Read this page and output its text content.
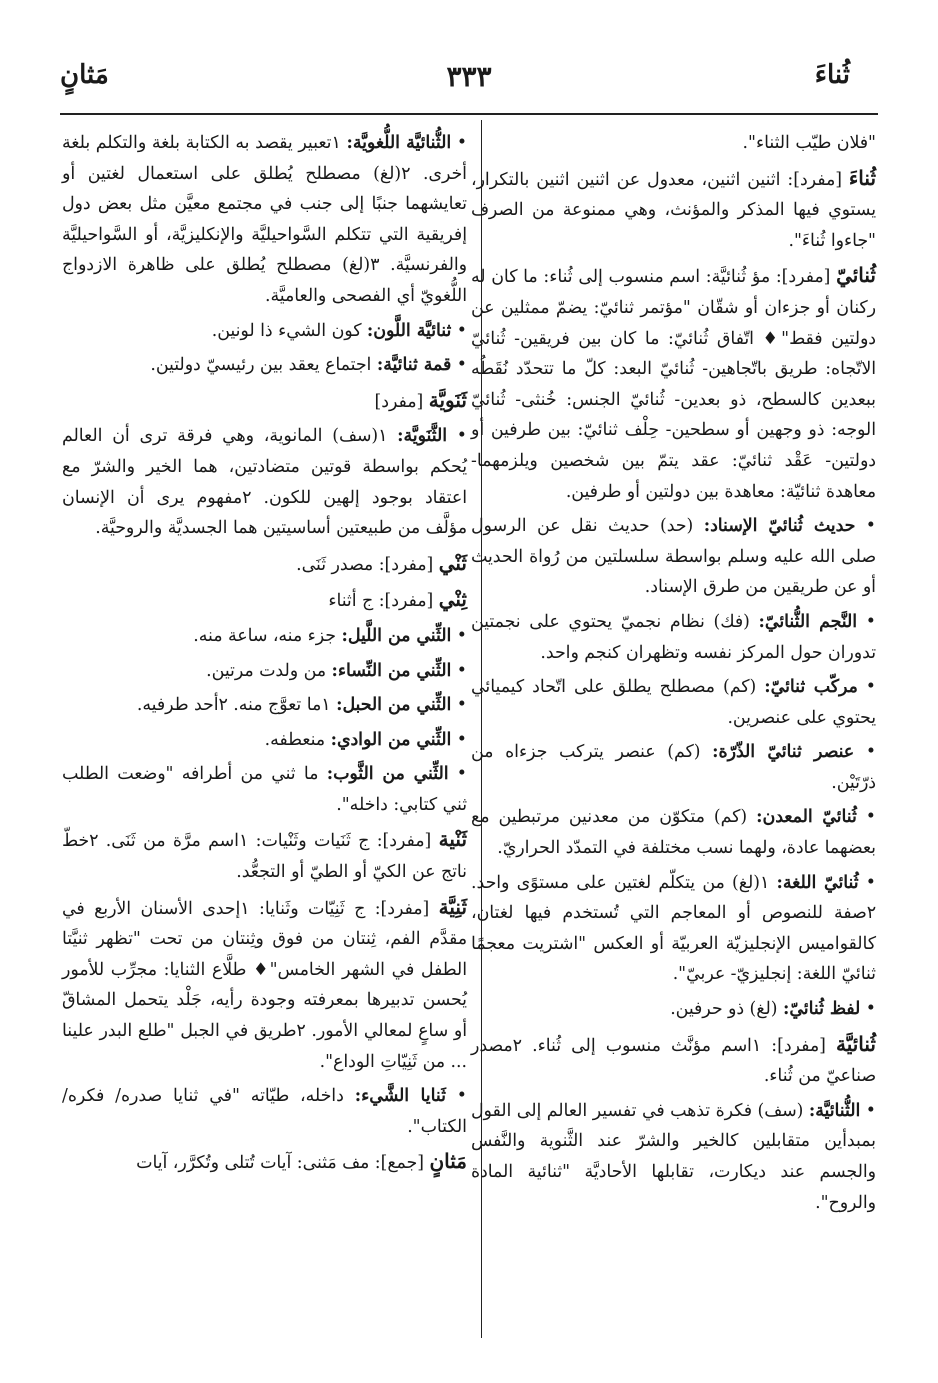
ثُناءَ
٣٣٣
مَثانٍ

"فلان طيّب الثناء".

ثُناءَ [مفرد]: اثنين اثنين، معدول عن اثنين اثنين بالتكرار، يستوي فيها المذكر والمؤنث، وهي ممنوعة من الصرف "جاءوا ثُناءَ".

ثُنائيّ [مفرد]: مؤ ثُنائيَّة: اسم منسوب إلى ثُناء: ما كان له ركنان أو جزءان أو شقّان "مؤتمر ثنائيّ: يضمّ ممثلين عن دولتين فقط"♦ اتّفاق ثُنائيّ: ما كان بين فريقين- ثُنائيّ الاتّجاه: طريق باتّجاهين- ثُنائيّ البعد: كلّ ما تتحدّد نُقَطُه ببعدين كالسطح، ذو بعدين- ثُنائيّ الجنس: خُنثى- ثُنائيّ الوجه: ذو وجهين أو سطحين- حِلْف ثنائيّ: بين طرفين أو دولتين- عَقْد ثنائيّ: عقد يتمّ بين شخصين ويلزمهما- معاهدة ثنائيّة: معاهدة بين دولتين أو طرفين.

• حديث ثُنائيّ الإسناد: (حد) حديث نقل عن الرسول صلى الله عليه وسلم بواسطة سلسلتين من رُواة الحديث أو عن طريقين من طرق الإسناد.

• النَّجم الثُّنائيّ: (فك) نظام نجميّ يحتوي على نجمتين تدوران حول المركز نفسه وتظهران كنجم واحد.

• مركّب ثنائيّ: (كم) مصطلح يطلق على اتّحاد كيميائي يحتوي على عنصرين.

• عنصر ثنائيّ الذّرّة: (كم) عنصر يتركب جزءاه من ذرّتَيْن.

• ثُنائيّ المعدن: (كم) متكوّن من معدنين مرتبطين مع بعضهما عادة، ولهما نسب مختلفة في التمدّد الحراريّ.

• ثُنائيّ اللغة: ١(لغ) من يتكلّم لغتين على مستوًى واحد. ٢صفة للنصوص أو المعاجم التي تُستخدم فيها لغتان، كالقواميس الإنجليزيّة العربيّة أو العكس "اشتريت معجمًا ثنائيّ اللغة: إنجليزيّ- عربيّ".

• لفظ ثُنائيّ: (لغ) ذو حرفين.

ثُنائيَّة [مفرد]: ١اسم مؤنَّث منسوب إلى ثُناء. ٢مصدر صناعيّ من ثُناء.

• الثُّنائيَّة: (سف) فكرة تذهب في تفسير العالم إلى القول بمبدأين متقابلين كالخير والشرّ عند الثَّنوية والنَّفس والجسم عند ديكارت، تقابلها الأحاديَّة "ثنائية المادة والروح".

• الثُّنائيَّة اللُّغويَّة: ١تعبير يقصد به الكتابة بلغة والتكلم بلغة أخرى. ٢(لغ) مصطلح يُطلق على استعمال لغتين أو تعايشهما جنبًا إلى جنب في مجتمع معيَّن مثل بعض دول إفريقية التي تتكلم السَّواحيليَّة والإنكليزيَّة، أو السَّواحيليَّة والفرنسيَّة. ٣(لغ) مصطلح يُطلق على ظاهرة الازدواج اللُّغويّ أي الفصحى والعاميَّة.

• ثنائيَّة اللَّون: كون الشيء ذا لونين.

• قمة ثنائيَّة: اجتماع يعقد بين رئيسيّ دولتين.

ثَنَويَّة [مفرد]

• الثَّنَويَّة: ١(سف) المانوية، وهي فرقة ترى أن العالم يُحكم بواسطة قوتين متضادتين، هما الخير والشرّ مع اعتقاد بوجود إلهين للكون. ٢مفهوم يرى أن الإنسان مؤلَّف من طبيعتين أساسيتين هما الجسديَّة والروحيَّة.

ثَنْي [مفرد]: مصدر ثَنَى.

ثِنْي [مفرد]: ج أثناء

• الثِّني من اللَّيل: جزء منه، ساعة منه.

• الثِّني من النِّساء: من ولدت مرتين.

• الثِّني من الحبل: ١ما تعوَّج منه. ٢أحد طرفيه.

• الثِّني من الوادي: منعطفه.

• الثِّني من الثَّوب: ما ثني من أطرافه "وضعت الطلب ثني كتابي: داخله".

ثَنْية [مفرد]: ج ثَنَيات وثَنْيات: ١اسم مرَّة من ثَنَى. ٢خطّ ناتج عن الكيّ أو الطيّ أو التجعُّد.

ثَنِيَّة [مفرد]: ج ثَنِيّات وثَنايا: ١إحدى الأسنان الأربع في مقدَّم الفم، ثِنتان من فوق وثِنتان من تحت "تظهر ثنيَّتا الطفل في الشهر الخامس"♦ طلَّاع الثنايا: مجرِّب للأمور يُحسن تدبيرها بمعرفته وجودة رأيه، جَلْد يتحمل المشاقّ أو ساعٍ لمعالي الأمور. ٢طريق في الجبل "طلع البدر علينا ... من ثَنِيّاتِ الوداع".

• ثَنايا الشَّيء: داخله، طيّاته "في ثنايا صدره/ فكره/ الكتاب".

مَثانٍ [جمع]: مف مَثنى: آيات تُتلى وتُكرَّر، آيات
